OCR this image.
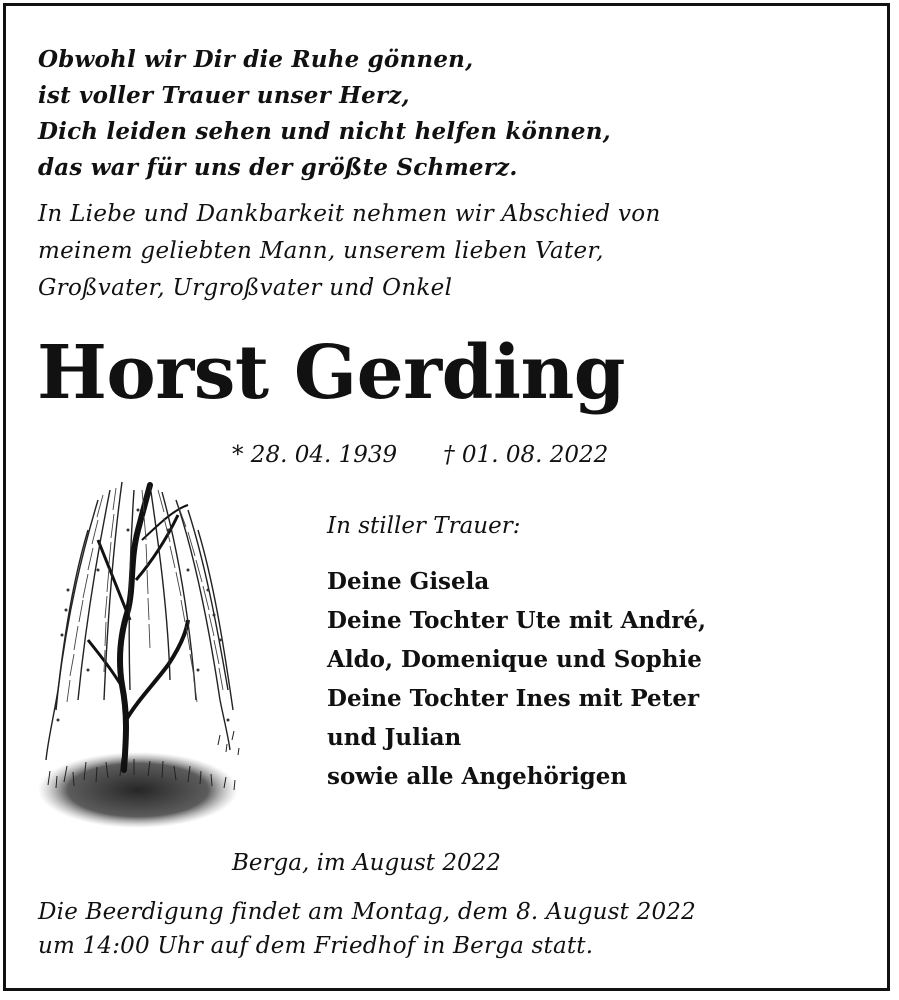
Obwohl wir Dir die Ruhe gönnen,
ist voller Trauer unser Herz,
Dich leiden sehen und nicht helfen können,
das war für uns der größte Schmerz.
In Liebe und Dankbarkeit nehmen wir Abschied von
meinem geliebten Mann, unserem lieben Vater,
Großvater, Urgroßvater und Onkel
Horst Gerding
* 28. 04. 1939 † 01. 08. 2022
In stiller Trauer:
Deine Gisela
Deine Tochter Ute mit André,
Aldo, Domenique und Sophie
Deine Tochter Ines mit Peter
und Julian
sowie alle Angehörigen
Berga, im August 2022
Die Beerdigung findet am Montag, dem 8. August 2022
um 14:00 Uhr auf dem Friedhof in Berga statt.
